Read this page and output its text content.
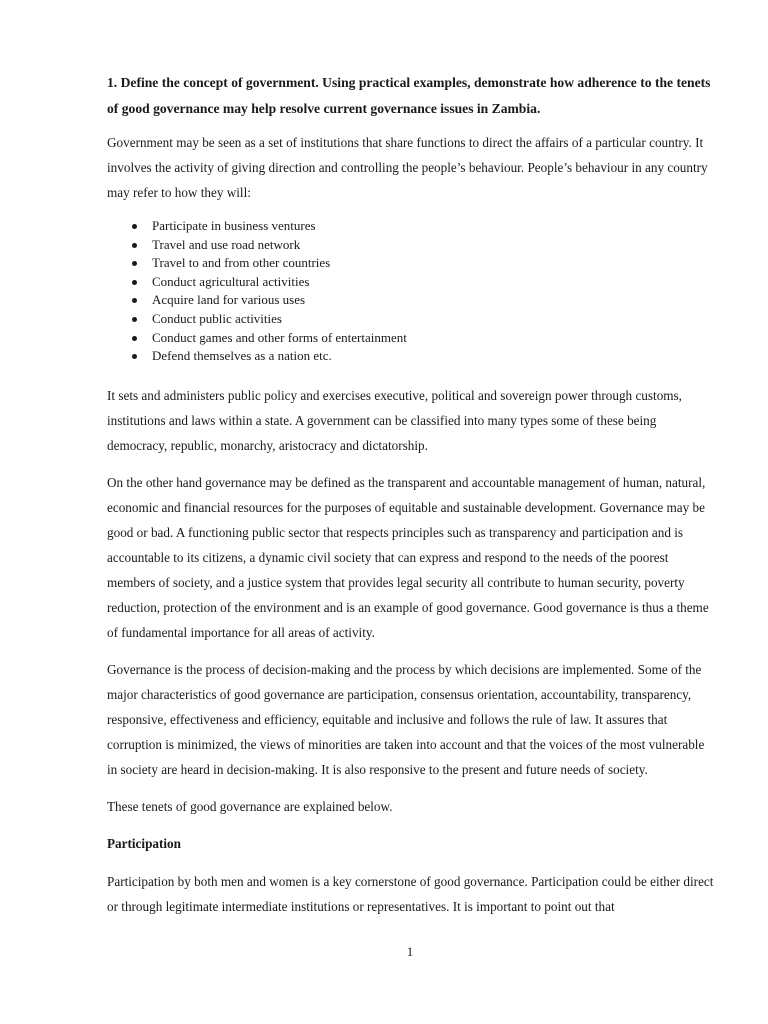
1. Define the concept of government. Using practical examples, demonstrate how adherence to the tenets of good governance may help resolve current governance issues in Zambia.

Government may be seen as a set of institutions that share functions to direct the affairs of a particular country. It involves the activity of giving direction and controlling the people’s behaviour. People’s behaviour in any country may refer to how they will:

Participate in business ventures
Travel and use road network
Travel to and from other countries
Conduct agricultural activities
Acquire land for various uses
Conduct public activities
Conduct games and other forms of entertainment
Defend themselves as a nation etc.

It sets and administers public policy and exercises executive, political and sovereign power through customs, institutions and laws within a state. A government can be classified into many types some of these being democracy, republic, monarchy, aristocracy and dictatorship.

On the other hand governance may be defined as the transparent and accountable management of human, natural, economic and financial resources for the purposes of equitable and sustainable development. Governance may be good or bad. A functioning public sector that respects principles such as transparency and participation and is accountable to its citizens, a dynamic civil society that can express and respond to the needs of the poorest members of society, and a justice system that provides legal security all contribute to human security, poverty reduction, protection of the environment and is an example of good governance. Good governance is thus a theme of fundamental importance for all areas of activity.

Governance is the process of decision-making and the process by which decisions are implemented. Some of the major characteristics of good governance are participation, consensus orientation, accountability, transparency, responsive, effectiveness and efficiency, equitable and inclusive and follows the rule of law. It assures that corruption is minimized, the views of minorities are taken into account and that the voices of the most vulnerable in society are heard in decision-making. It is also responsive to the present and future needs of society.

These tenets of good governance are explained below.

Participation

Participation by both men and women is a key cornerstone of good governance. Participation could be either direct or through legitimate intermediate institutions or representatives. It is important to point out that

1
